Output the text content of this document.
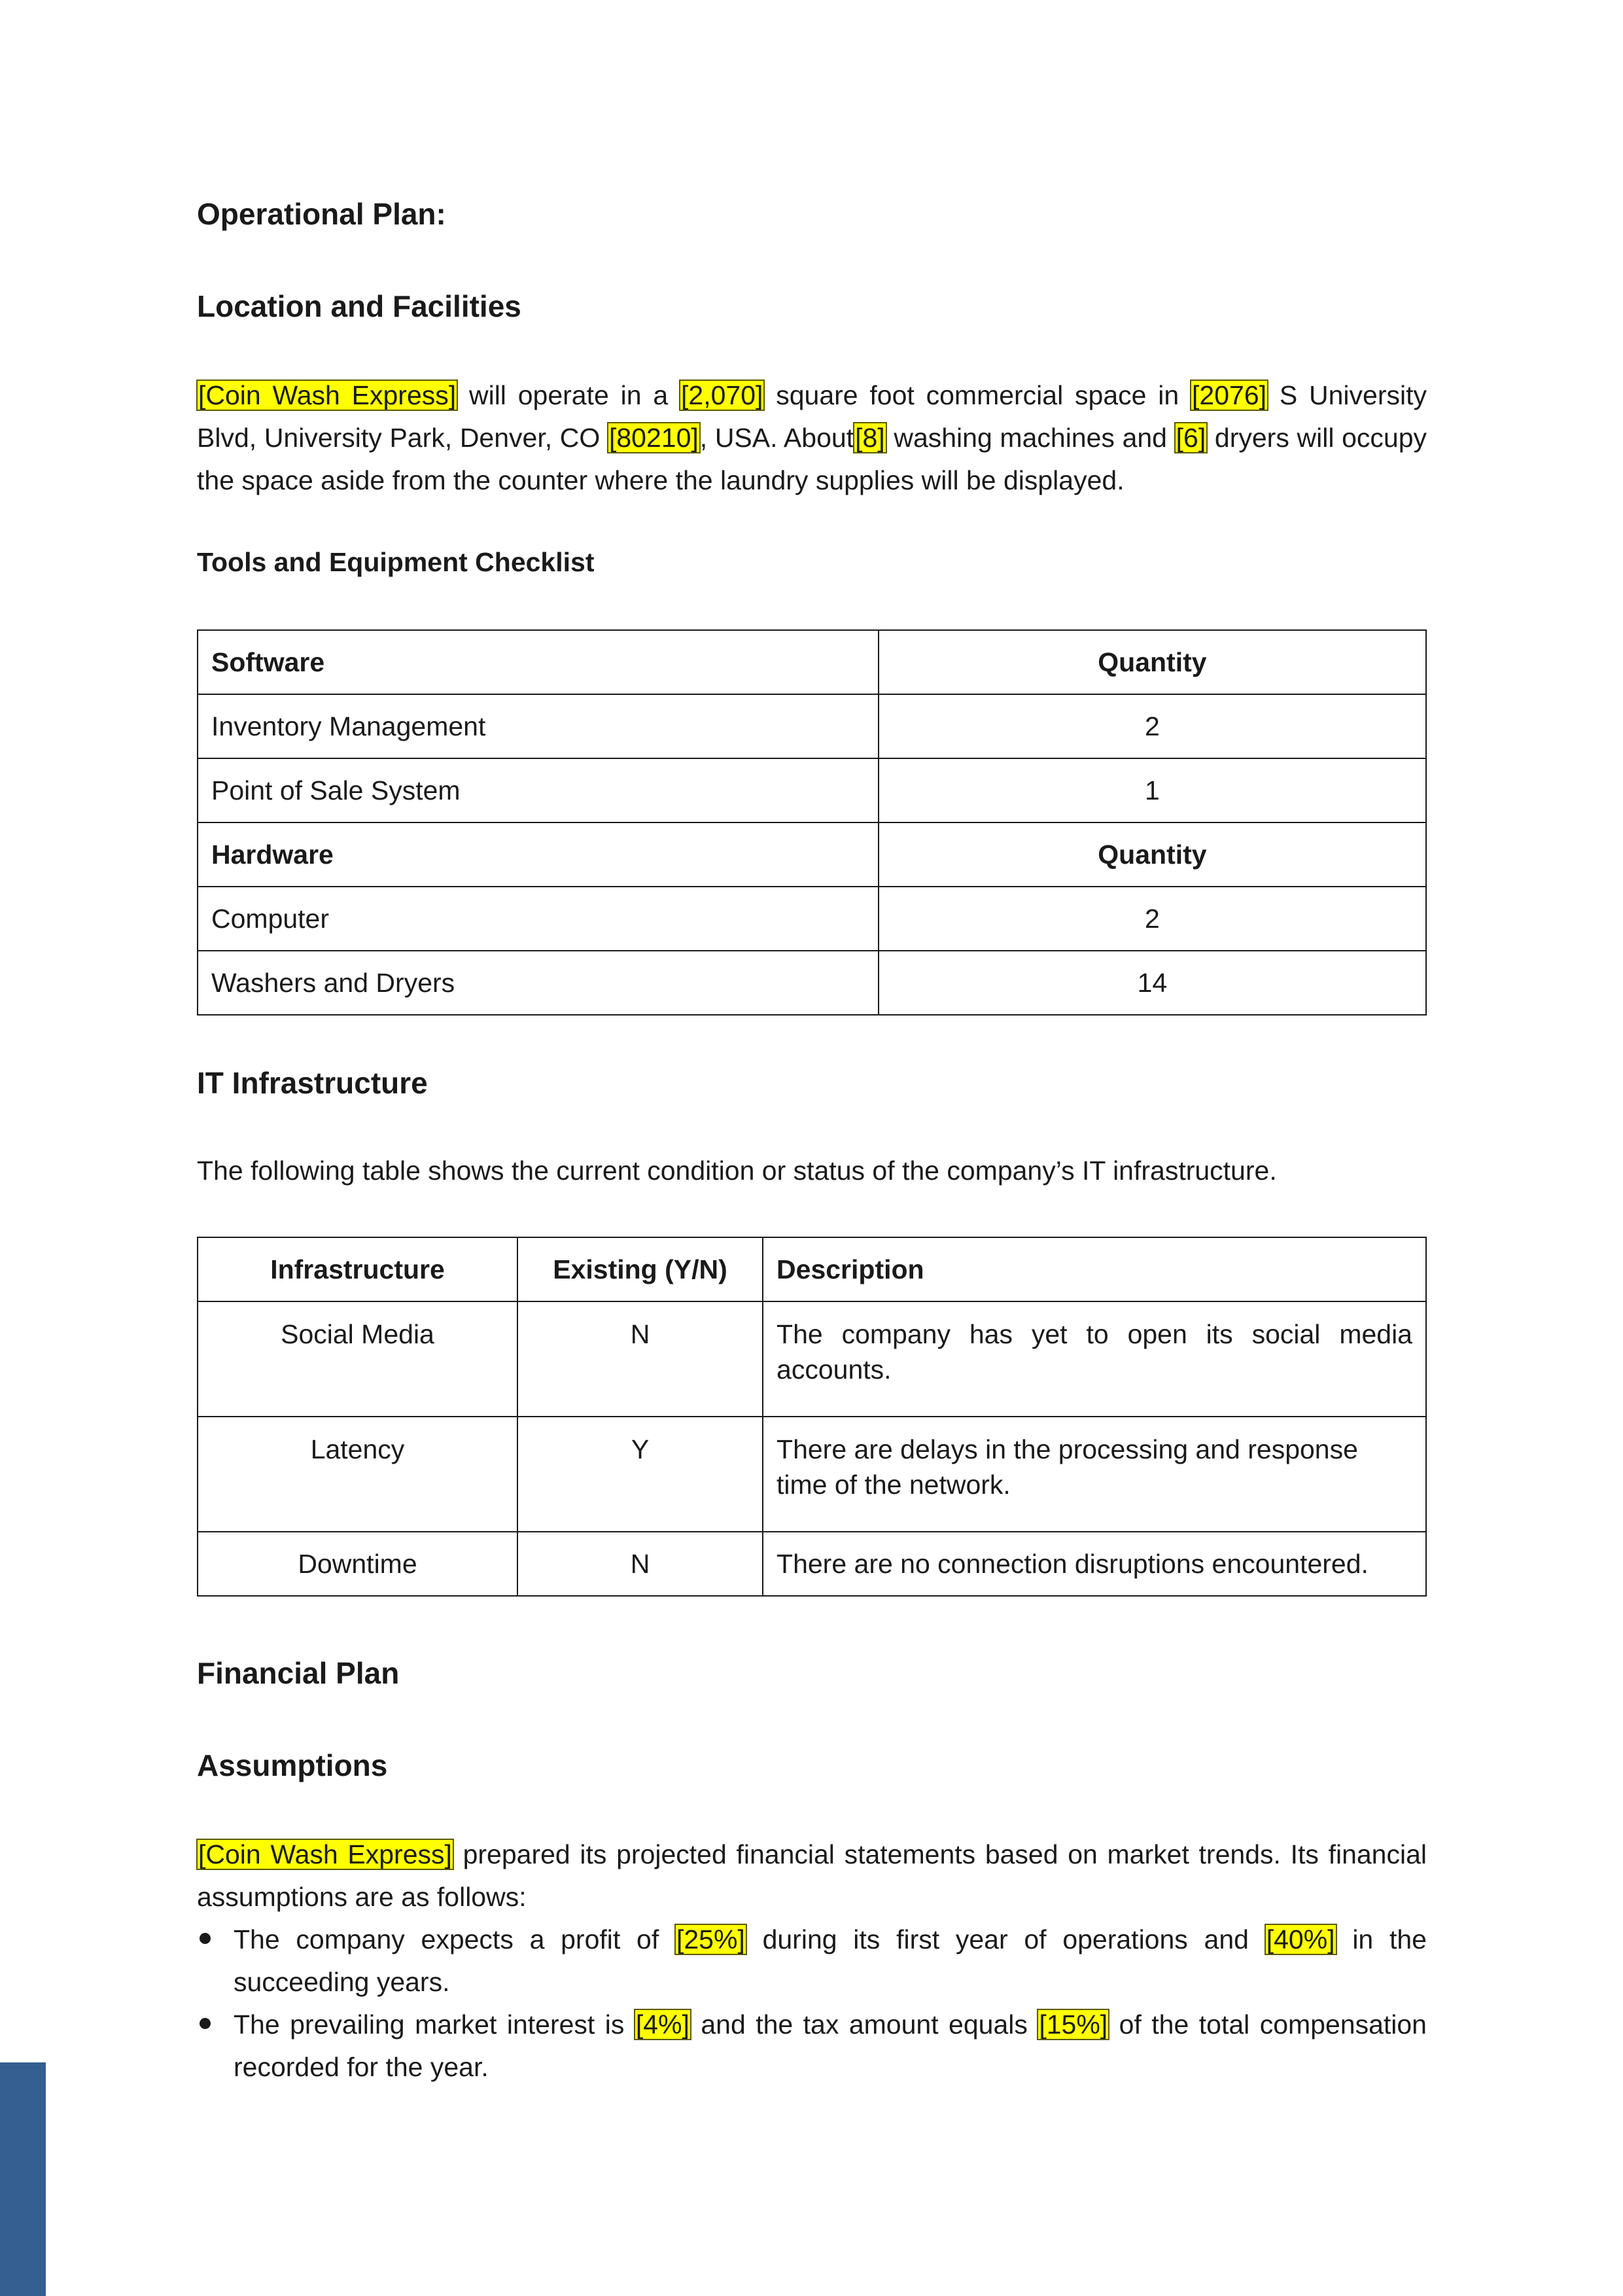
Operational Plan:
Location and Facilities

[Coin Wash Express] will operate in a [2,070] square foot commercial space in [2076] S University Blvd, University Park, Denver, CO [80210], USA. About[8] washing machines and [6] dryers will occupy the space aside from the counter where the laundry supplies will be displayed.

Tools and Equipment Checklist
Software	Quantity
Inventory Management	2
Point of Sale System	1
Hardware	Quantity
Computer	2
Washers and Dryers	14
IT Infrastructure

The following table shows the current condition or status of the company’s IT infrastructure.

Infrastructure	Existing (Y/N)	Description
Social Media	N	The company has yet to open its social media accounts.
Latency	Y	There are delays in the processing and response time of the network.
Downtime	N	There are no connection disruptions encountered.
Financial Plan
Assumptions

[Coin Wash Express] prepared its projected financial statements based on market trends. Its financial assumptions are as follows:

The company expects a profit of [25%] during its first year of operations and [40%] in the succeeding years.
The prevailing market interest is [4%] and the tax amount equals [15%] of the total compensation recorded for the year.
